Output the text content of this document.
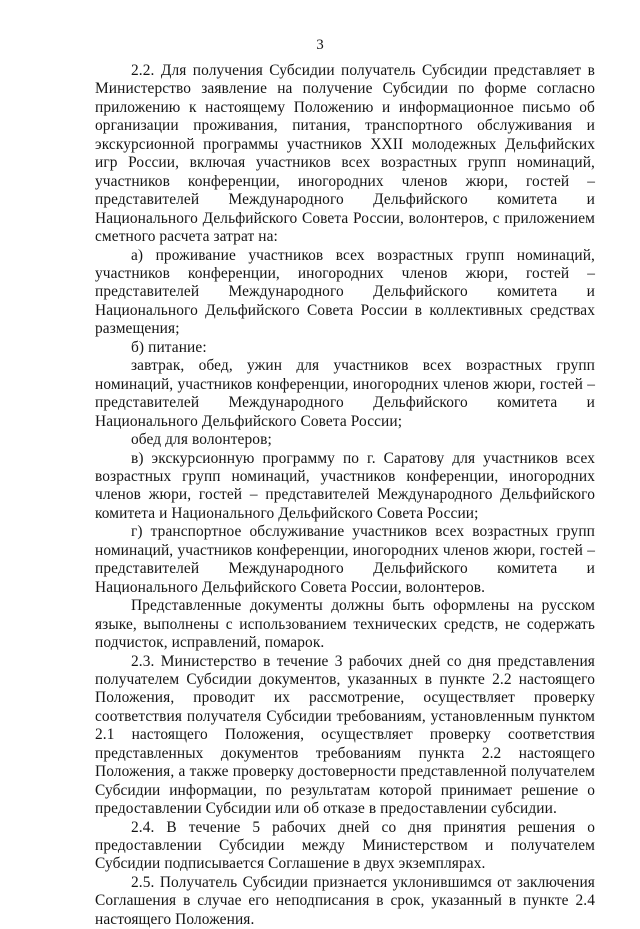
3

2.2. Для получения Субсидии получатель Субсидии представляет в Министерство заявление на получение Субсидии по форме согласно приложению к настоящему Положению и информационное письмо об организации проживания, питания, транспортного обслуживания и экскурсионной программы участников XXII молодежных Дельфийских игр России, включая участников всех возрастных групп номинаций, участников конференции, иногородних членов жюри, гостей – представителей Международного Дельфийского комитета и Национального Дельфийского Совета России, волонтеров, с приложением сметного расчета затрат на:

а) проживание участников всех возрастных групп номинаций, участников конференции, иногородних членов жюри, гостей – представителей Международного Дельфийского комитета и Национального Дельфийского Совета России в коллективных средствах размещения;

б) питание:

завтрак, обед, ужин для участников всех возрастных групп номинаций, участников конференции, иногородних членов жюри, гостей – представителей Международного Дельфийского комитета и Национального Дельфийского Совета России;

обед для волонтеров;

в) экскурсионную программу по г. Саратову для участников всех возрастных групп номинаций, участников конференции, иногородних членов жюри, гостей – представителей Международного Дельфийского комитета и Национального Дельфийского Совета России;

г) транспортное обслуживание участников всех возрастных групп номинаций, участников конференции, иногородних членов жюри, гостей – представителей Международного Дельфийского комитета и Национального Дельфийского Совета России, волонтеров.

Представленные документы должны быть оформлены на русском языке, выполнены с использованием технических средств, не содержать подчисток, исправлений, помарок.

2.3. Министерство в течение 3 рабочих дней со дня представления получателем Субсидии документов, указанных в пункте 2.2 настоящего Положения, проводит их рассмотрение, осуществляет проверку соответствия получателя Субсидии требованиям, установленным пунктом 2.1 настоящего Положения, осуществляет проверку соответствия представленных документов требованиям пункта 2.2 настоящего Положения, а также проверку достоверности представленной получателем Субсидии информации, по результатам которой принимает решение о предоставлении Субсидии или об отказе в предоставлении субсидии.

2.4. В течение 5 рабочих дней со дня принятия решения о предоставлении Субсидии между Министерством и получателем Субсидии подписывается Соглашение в двух экземплярах.

2.5. Получатель Субсидии признается уклонившимся от заключения Соглашения в случае его неподписания в срок, указанный в пункте 2.4 настоящего Положения.
